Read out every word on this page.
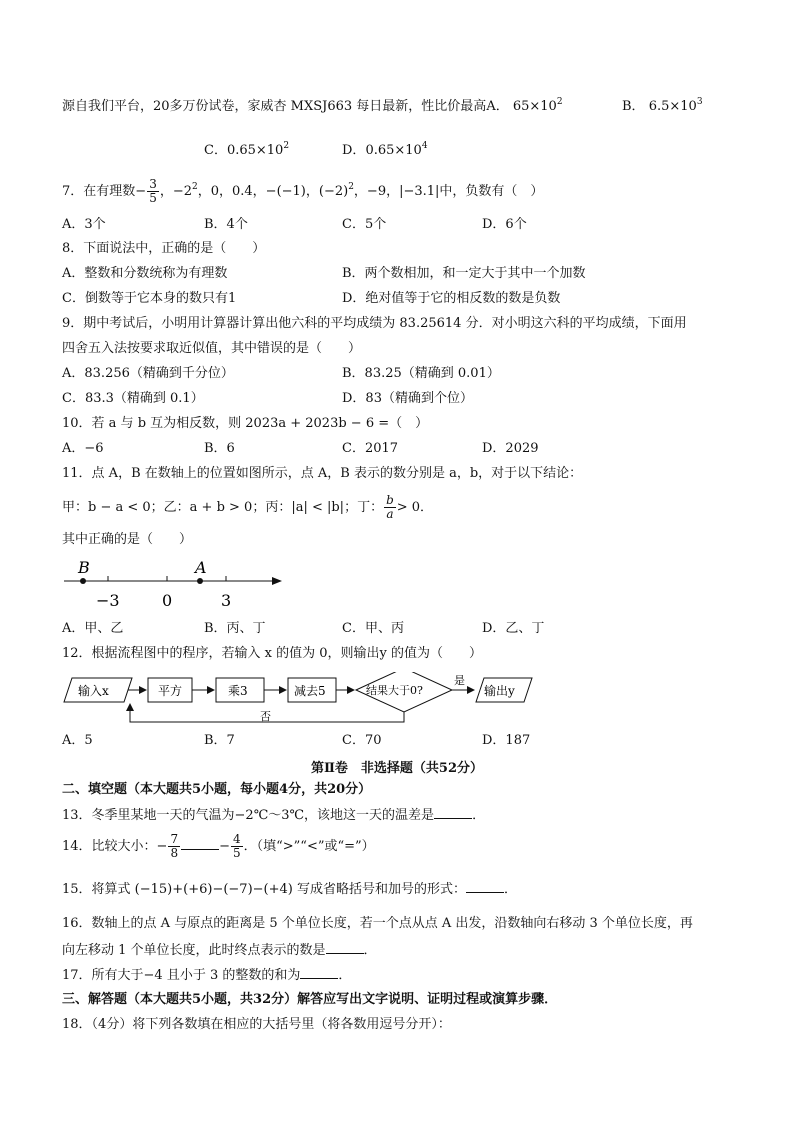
源自我们平台，20多万份试卷，家威杏 MXSJ663 每日最新，性比价最高A． $65\times 10^2$	B． $6.5\times 10^3$
C．$0.65\times 10^2$	D．$0.65\times 10^4$
7．在有理数− $\frac{3}{5}$ ，$-2^2$，0，0.4，−(−1)，$(-2)^2$，−9，|−3.1|中，负数有（　）
A．3个	B．4个	C．5个	D．6个
8．下面说法中，正确的是（　　）
A．整数和分数统称为有理数	B．两个数相加，和一定大于其中一个加数
C．倒数等于它本身的数只有1	D．绝对值等于它的相反数的数是负数
9．期中考试后，小明用计算器计算出他六科的平均成绩为 83.25614 分．对小明这六科的平均成绩，下面用
四舍五入法按要求取近似值，其中错误的是（　　）
A．83.256（精确到千分位）	B．83.25（精确到 0.01）
C．83.3（精确到 0.1）	D．83（精确到个位）
10．若 a 与 b 互为相反数，则 2023a + 2023b − 6 =（　）
A．−6	B．6	C．2017	D．2029
11．点 A，B 在数轴上的位置如图所示，点 A，B 表示的数分别是 a，b，对于以下结论：
甲：b − a < 0；乙：a + b > 0；丙：|a| < |b|；丁： $\frac{b}{a} > 0$．
其中正确的是（　　）
B	A
−3	0	3
A．甲、乙	B．丙、丁	C．甲、丙	D．乙、丁
12．根据流程图中的程序，若输入 x 的值为 0，则输出y 的值为（　　）
输入x	平方	乘3	减去5	结果大于0?
是
输出y
否
A．5	B．7	C．70	D．187
第Ⅱ卷　非选择题（共52分）
二、填空题（本大题共5小题，每小题4分，共20分）
13．冬季里某地一天的气温为−2℃～3℃，该地这一天的温差是	．
14．比较大小：− $\frac{7}{8}$	− $\frac{4}{5}$ ．（填“>”“<”或“=”）
15．将算式 (−15)+(+6)−(−7)−(+4) 写成省略括号和加号的形式：	．
16．数轴上的点 A 与原点的距离是 5 个单位长度，若一个点从点 A 出发，沿数轴向右移动 3 个单位长度，再
向左移动 1 个单位长度，此时终点表示的数是	．
17．所有大于−4 且小于 3 的整数的和为	．
三、解答题（本大题共5小题，共32分）解答应写出文字说明、证明过程或演算步骤．
18．（4分）将下列各数填在相应的大括号里（将各数用逗号分开）：
